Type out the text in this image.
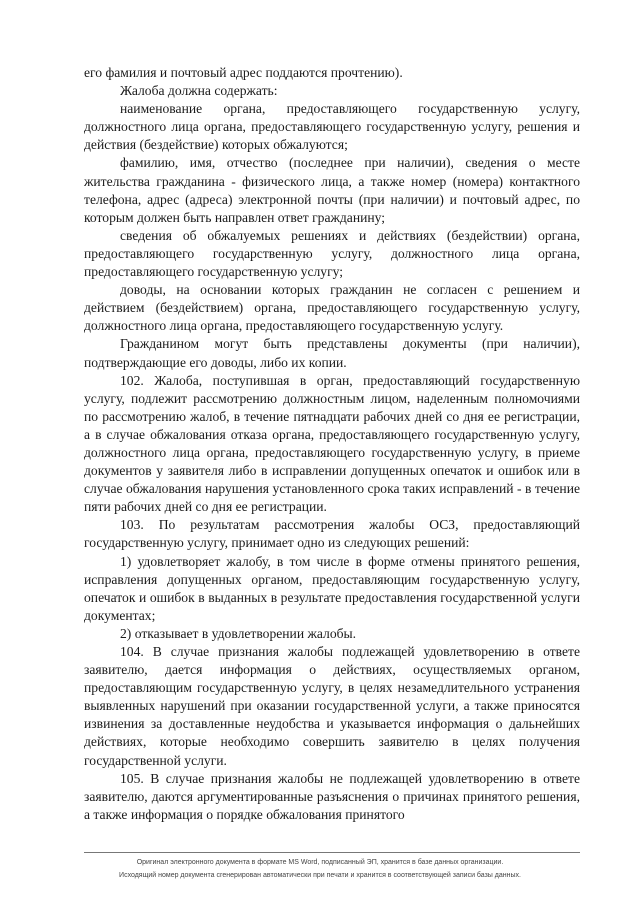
его фамилия и почтовый адрес поддаются прочтению).

Жалоба должна содержать:

наименование органа, предоставляющего государственную услугу, должностного лица органа, предоставляющего государственную услугу, решения и действия (бездействие) которых обжалуются;

фамилию, имя, отчество (последнее при наличии), сведения о месте жительства гражданина - физического лица, а также номер (номера) контактного телефона, адрес (адреса) электронной почты (при наличии) и почтовый адрес, по которым должен быть направлен ответ гражданину;

сведения об обжалуемых решениях и действиях (бездействии) органа, предоставляющего государственную услугу, должностного лица органа, предоставляющего государственную услугу;

доводы, на основании которых гражданин не согласен с решением и действием (бездействием) органа, предоставляющего государственную услугу, должностного лица органа, предоставляющего государственную услугу.

Гражданином могут быть представлены документы (при наличии), подтверждающие его доводы, либо их копии.

102. Жалоба, поступившая в орган, предоставляющий государственную услугу, подлежит рассмотрению должностным лицом, наделенным полномочиями по рассмотрению жалоб, в течение пятнадцати рабочих дней со дня ее регистрации, а в случае обжалования отказа органа, предоставляющего государственную услугу, должностного лица органа, предоставляющего государственную услугу, в приеме документов у заявителя либо в исправлении допущенных опечаток и ошибок или в случае обжалования нарушения установленного срока таких исправлений - в течение пяти рабочих дней со дня ее регистрации.

103. По результатам рассмотрения жалобы ОСЗ, предоставляющий государственную услугу, принимает одно из следующих решений:

1) удовлетворяет жалобу, в том числе в форме отмены принятого решения, исправления допущенных органом, предоставляющим государственную услугу, опечаток и ошибок в выданных в результате предоставления государственной услуги документах;

2) отказывает в удовлетворении жалобы.

104. В случае признания жалобы подлежащей удовлетворению в ответе заявителю, дается информация о действиях, осуществляемых органом, предоставляющим государственную услугу, в целях незамедлительного устранения выявленных нарушений при оказании государственной услуги, а также приносятся извинения за доставленные неудобства и указывается информация о дальнейших действиях, которые необходимо совершить заявителю в целях получения государственной услуги.

105. В случае признания жалобы не подлежащей удовлетворению в ответе заявителю, даются аргументированные разъяснения о причинах принятого решения, а также информация о порядке обжалования принятого

Оригинал электронного документа в формате MS Word, подписанный ЭП, хранится в базе данных организации.
Исходящий номер документа сгенерирован автоматически при печати и хранится в соответствующей записи базы данных.
